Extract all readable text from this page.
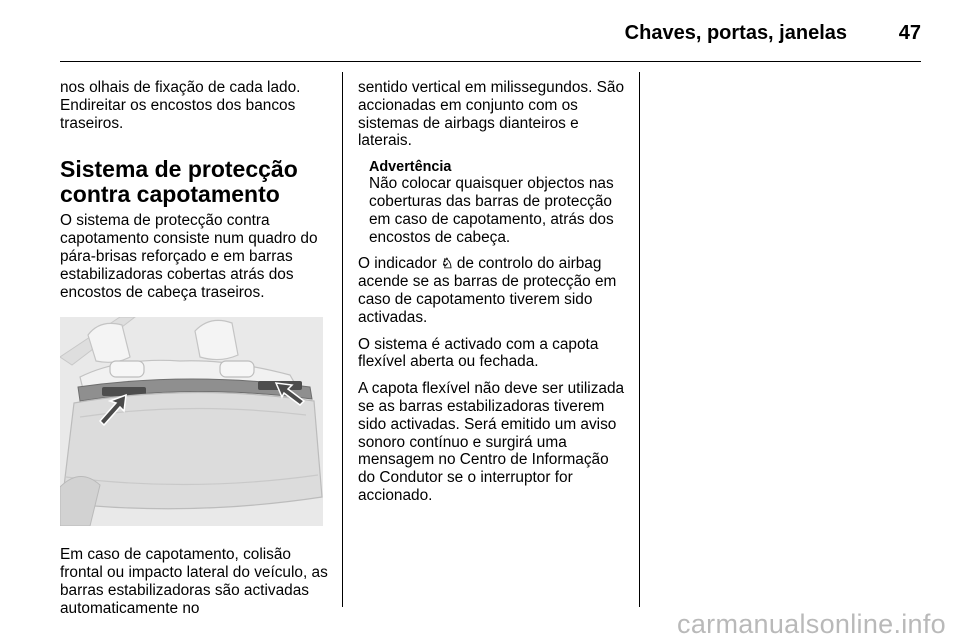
Chaves, portas, janelas	47

nos olhais de fixação de cada lado. Endireitar os encostos dos bancos traseiros.

Sistema de protecção contra capotamento

O sistema de protecção contra capotamento consiste num quadro do pára-brisas reforçado e em barras estabilizadoras cobertas atrás dos encostos de cabeça traseiros.

Em caso de capotamento, colisão frontal ou impacto lateral do veículo, as barras estabilizadoras são activadas automaticamente no

sentido vertical em milissegundos. São accionadas em conjunto com os sistemas de airbags dianteiros e laterais.

Advertência
Não colocar quaisquer objectos nas coberturas das barras de protecção em caso de capotamento, atrás dos encostos de cabeça.

O indicador ♘ de controlo do airbag acende se as barras de protecção em caso de capotamento tiverem sido activadas.

O sistema é activado com a capota flexível aberta ou fechada.

A capota flexível não deve ser utilizada se as barras estabilizadoras tiverem sido activadas. Será emitido um aviso sonoro contínuo e surgirá uma mensagem no Centro de Informação do Condutor se o interruptor for accionado.

carmanualsonline.info
